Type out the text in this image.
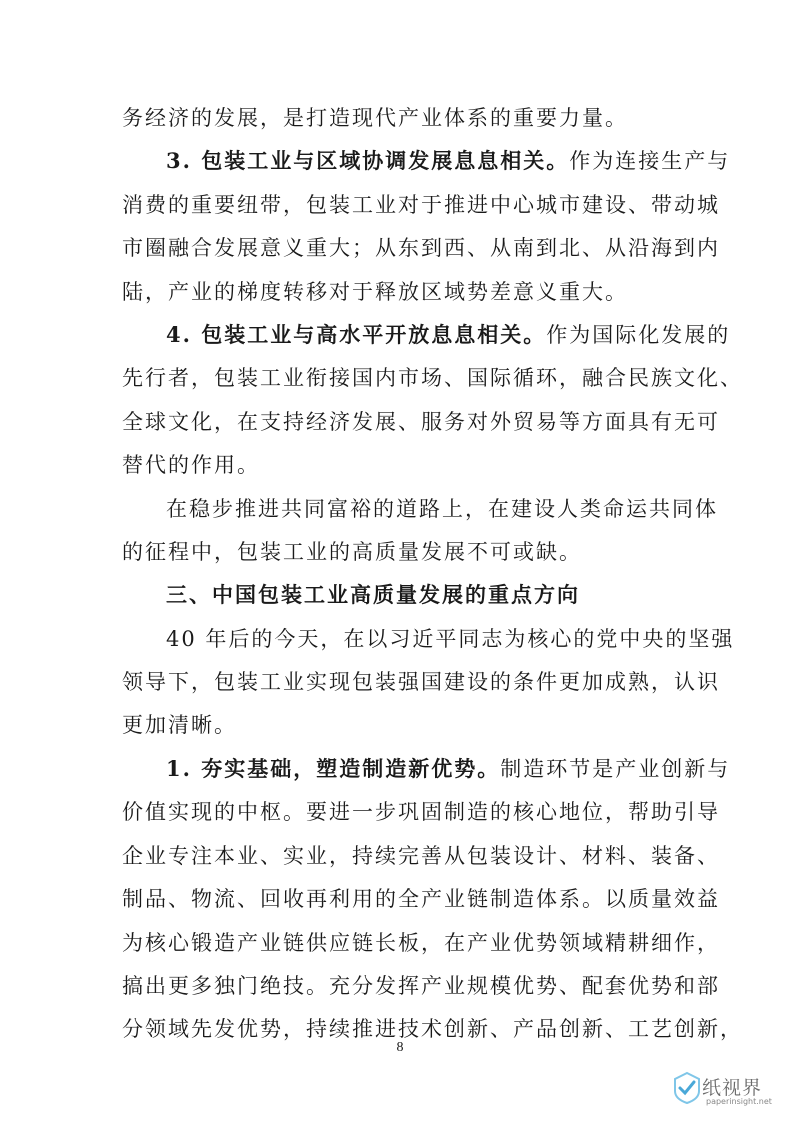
务经济的发展，是打造现代产业体系的重要力量。
3. 包装工业与区域协调发展息息相关。作为连接生产与
消费的重要纽带，包装工业对于推进中心城市建设、带动城
市圈融合发展意义重大；从东到西、从南到北、从沿海到内
陆，产业的梯度转移对于释放区域势差意义重大。
4. 包装工业与高水平开放息息相关。作为国际化发展的
先行者，包装工业衔接国内市场、国际循环，融合民族文化、
全球文化，在支持经济发展、服务对外贸易等方面具有无可
替代的作用。
在稳步推进共同富裕的道路上，在建设人类命运共同体
的征程中，包装工业的高质量发展不可或缺。
三、中国包装工业高质量发展的重点方向
40 年后的今天，在以习近平同志为核心的党中央的坚强
领导下，包装工业实现包装强国建设的条件更加成熟，认识
更加清晰。
1. 夯实基础，塑造制造新优势。制造环节是产业创新与
价值实现的中枢。要进一步巩固制造的核心地位，帮助引导
企业专注本业、实业，持续完善从包装设计、材料、装备、
制品、物流、回收再利用的全产业链制造体系。以质量效益
为核心锻造产业链供应链长板，在产业优势领域精耕细作，
搞出更多独门绝技。充分发挥产业规模优势、配套优势和部
分领域先发优势，持续推进技术创新、产品创新、工艺创新，
8
纸视界
paperinsight.net
